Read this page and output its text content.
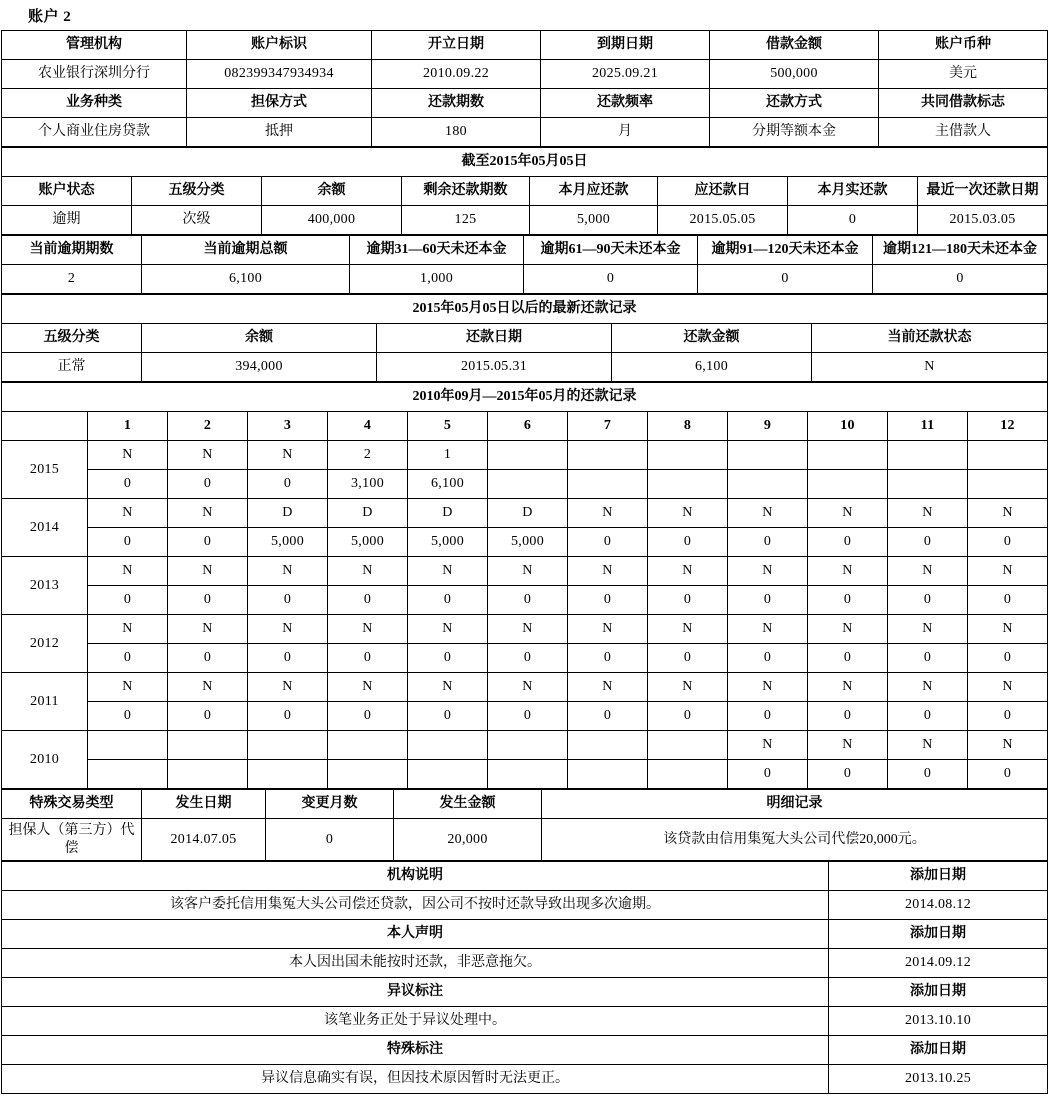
账户 2
管理机构	账户标识	开立日期	到期日期	借款金额	账户币种
农业银行深圳分行	082399347934934	2010.09.22	2025.09.21	500,000	美元
业务种类	担保方式	还款期数	还款频率	还款方式	共同借款标志
个人商业住房贷款	抵押	180	月	分期等额本金	主借款人
截至2015年05月05日							
账户状态	五级分类	余额	剩余还款期数	本月应还款	应还款日	本月实还款	最近一次还款日期
逾期	次级	400,000	125	5,000	2015.05.05	0	2015.03.05
当前逾期期数	当前逾期总额	逾期31—60天未还本金	逾期61—90天未还本金	逾期91—120天未还本金	逾期121—180天未还本金
2	6,100	1,000	0	0	0
2015年05月05日以后的最新还款记录				
五级分类	余额	还款日期	还款金额	当前还款状态
正常	394,000	2015.05.31	6,100	N
2010年09月—2015年05月的还款记录												
	1	2	3	4	5	6	7	8	9	10	11	12
2015	N	N	N	2	1							
	0	0	0	3,100	6,100							
2014	N	N	D	D	D	D	N	N	N	N	N	N
	0	0	5,000	5,000	5,000	5,000	0	0	0	0	0	0
2013	N	N	N	N	N	N	N	N	N	N	N	N
	0	0	0	0	0	0	0	0	0	0	0	0
2012	N	N	N	N	N	N	N	N	N	N	N	N
	0	0	0	0	0	0	0	0	0	0	0	0
2011	N	N	N	N	N	N	N	N	N	N	N	N
	0	0	0	0	0	0	0	0	0	0	0	0
2010									N	N	N	N
									0	0	0	0
特殊交易类型	发生日期	变更月数	发生金额	明细记录
担保人（第三方）代偿	2014.07.05	0	20,000	该贷款由信用集冤大头公司代偿20,000元。
机构说明	添加日期
该客户委托信用集冤大头公司偿还贷款，因公司不按时还款导致出现多次逾期。	2014.08.12
本人声明	添加日期
本人因出国未能按时还款，非恶意拖欠。	2014.09.12
异议标注	添加日期
该笔业务正处于异议处理中。	2013.10.10
特殊标注	添加日期
异议信息确实有误，但因技术原因暂时无法更正。	2013.10.25
